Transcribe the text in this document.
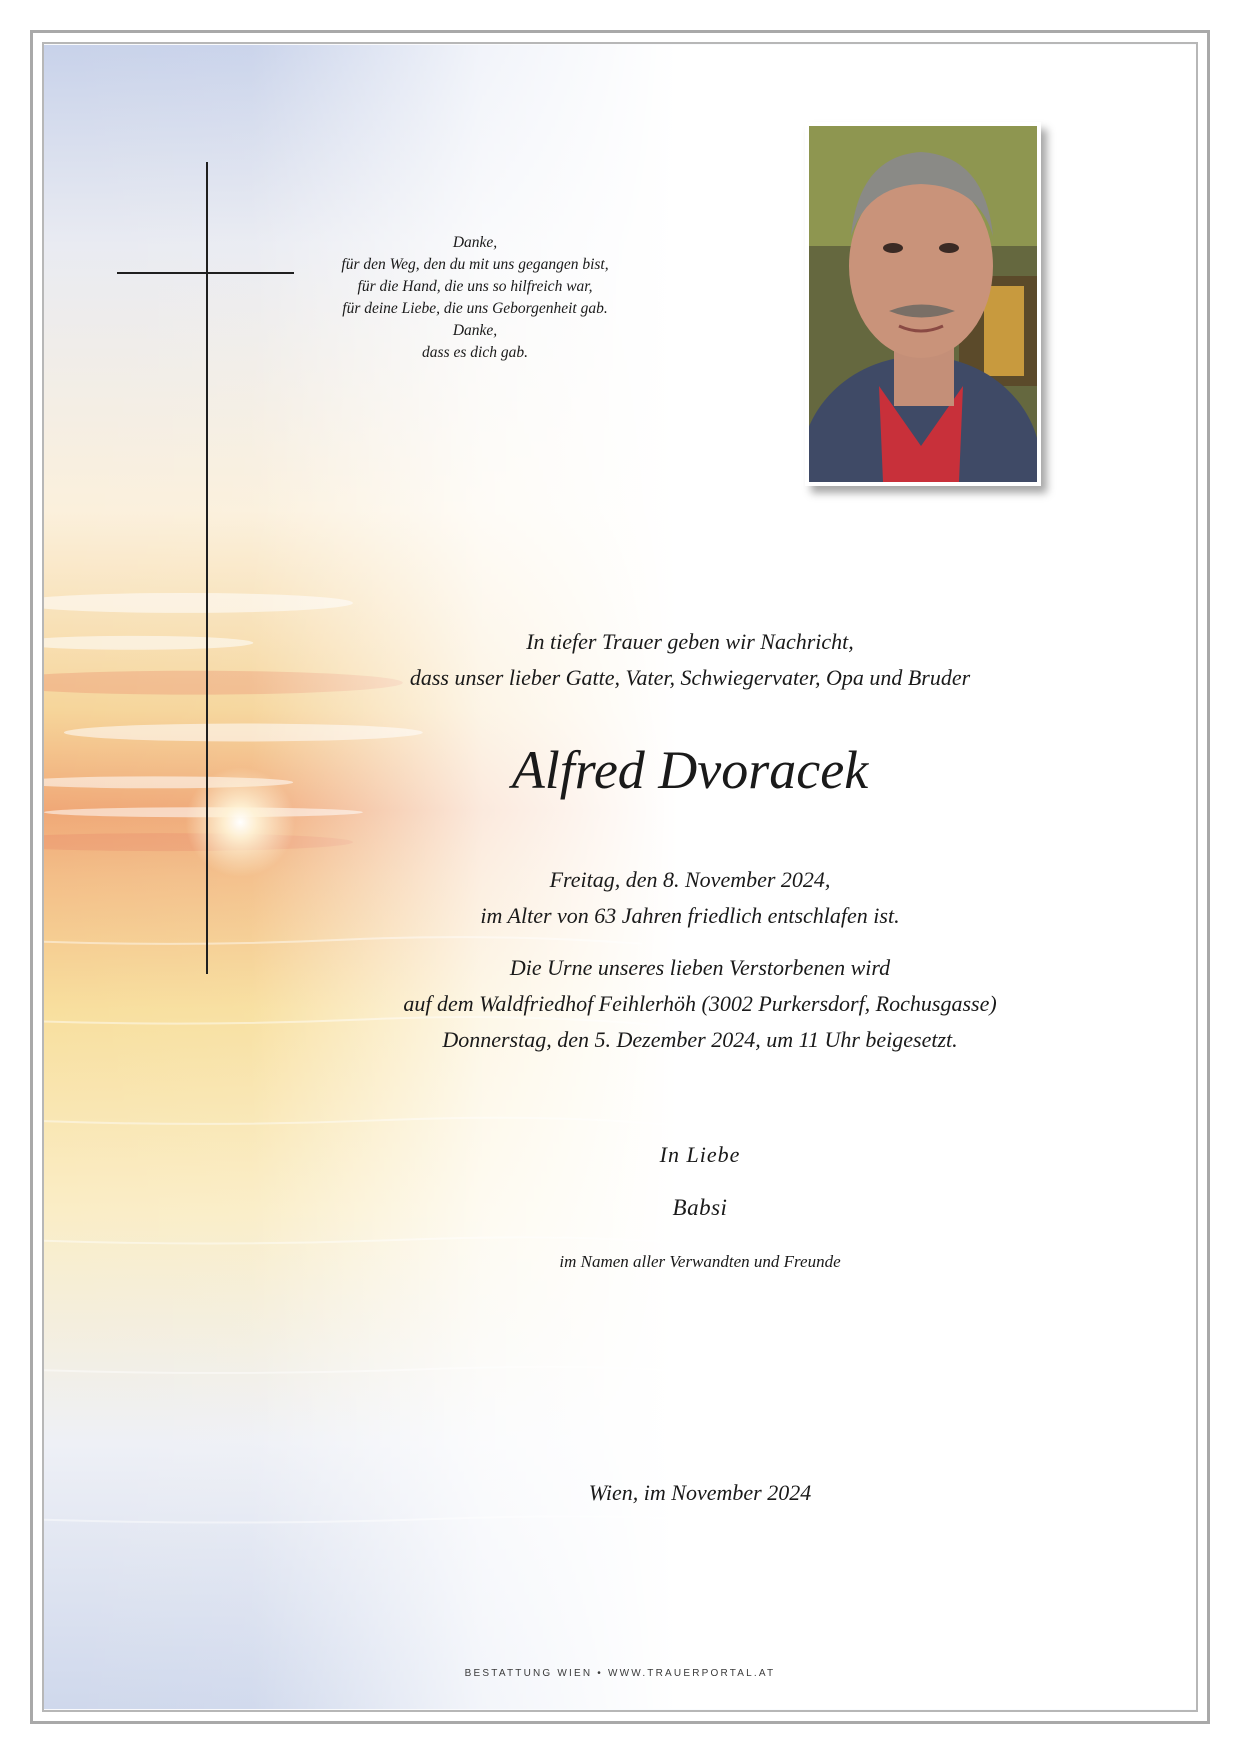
Danke,
für den Weg, den du mit uns gegangen bist,
für die Hand, die uns so hilfreich war,
für deine Liebe, die uns Geborgenheit gab.
Danke,
dass es dich gab.
In tiefer Trauer geben wir Nachricht,
dass unser lieber Gatte, Vater, Schwiegervater, Opa und Bruder
Alfred Dvoracek
Freitag, den 8. November 2024,
im Alter von 63 Jahren friedlich entschlafen ist.
Die Urne unseres lieben Verstorbenen wird
auf dem Waldfriedhof Feihlerhöh (3002 Purkersdorf, Rochusgasse)
Donnerstag, den 5. Dezember 2024, um 11 Uhr beigesetzt.
In Liebe
Babsi
im Namen aller Verwandten und Freunde
Wien, im November 2024
BESTATTUNG WIEN • WWW.TRAUERPORTAL.AT
